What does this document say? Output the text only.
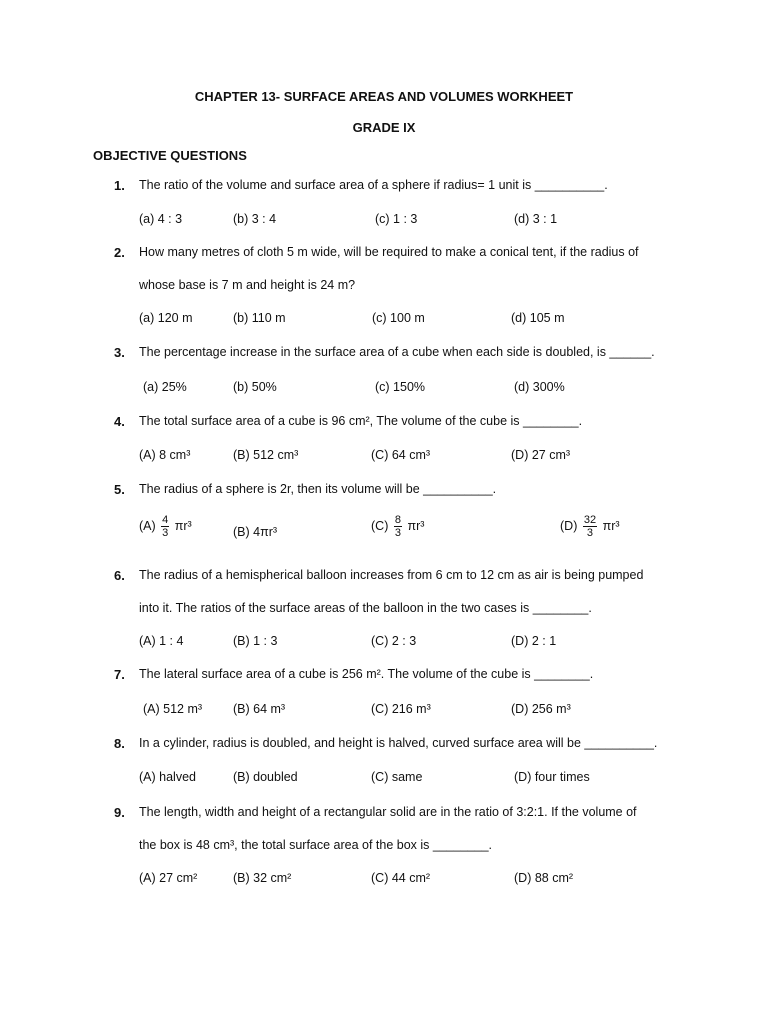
CHAPTER 13- SURFACE AREAS AND VOLUMES WORKHEET
GRADE IX
OBJECTIVE QUESTIONS
1. The ratio of the volume and surface area of a sphere if radius= 1 unit is __________.
(a) 4 : 3	(b) 3 : 4	(c) 1 : 3	(d) 3 : 1
2. How many metres of cloth 5 m wide, will be required to make a conical tent, if the radius of
whose base is 7 m and height is 24 m?
(a) 120 m	(b) 110 m	(c) 100 m	(d) 105 m
3. The percentage increase in the surface area of a cube when each side is doubled, is ______.
(a) 25%	(b) 50%	(c) 150%	(d) 300%
4. The total surface area of a cube is 96 cm², The volume of the cube is ________.
(A) 8 cm³	(B) 512 cm³	(C) 64 cm³	(D) 27 cm³
5. The radius of a sphere is 2r, then its volume will be __________.
$(A) \frac{4}{3} \pi r^3$	(B) 4πr³	$(C) \frac{8}{3} \pi r^3$	$(D) \frac{32}{3} \pi r^3$
6. The radius of a hemispherical balloon increases from 6 cm to 12 cm as air is being pumped
into it. The ratios of the surface areas of the balloon in the two cases is ________.
(A) 1 : 4	(B) 1 : 3	(C) 2 : 3	(D) 2 : 1
7. The lateral surface area of a cube is 256 m². The volume of the cube is ________.
(A) 512 m³ (B) 64 m³	(C) 216 m³	(D) 256 m³
8. In a cylinder, radius is doubled, and height is halved, curved surface area will be __________.
(A) halved	(B) doubled	(C) same	(D) four times
9. The length, width and height of a rectangular solid are in the ratio of 3:2:1. If the volume of
the box is 48 cm³, the total surface area of the box is ________.
(A) 27 cm²	(B) 32 cm²	(C) 44 cm²	(D) 88 cm²
